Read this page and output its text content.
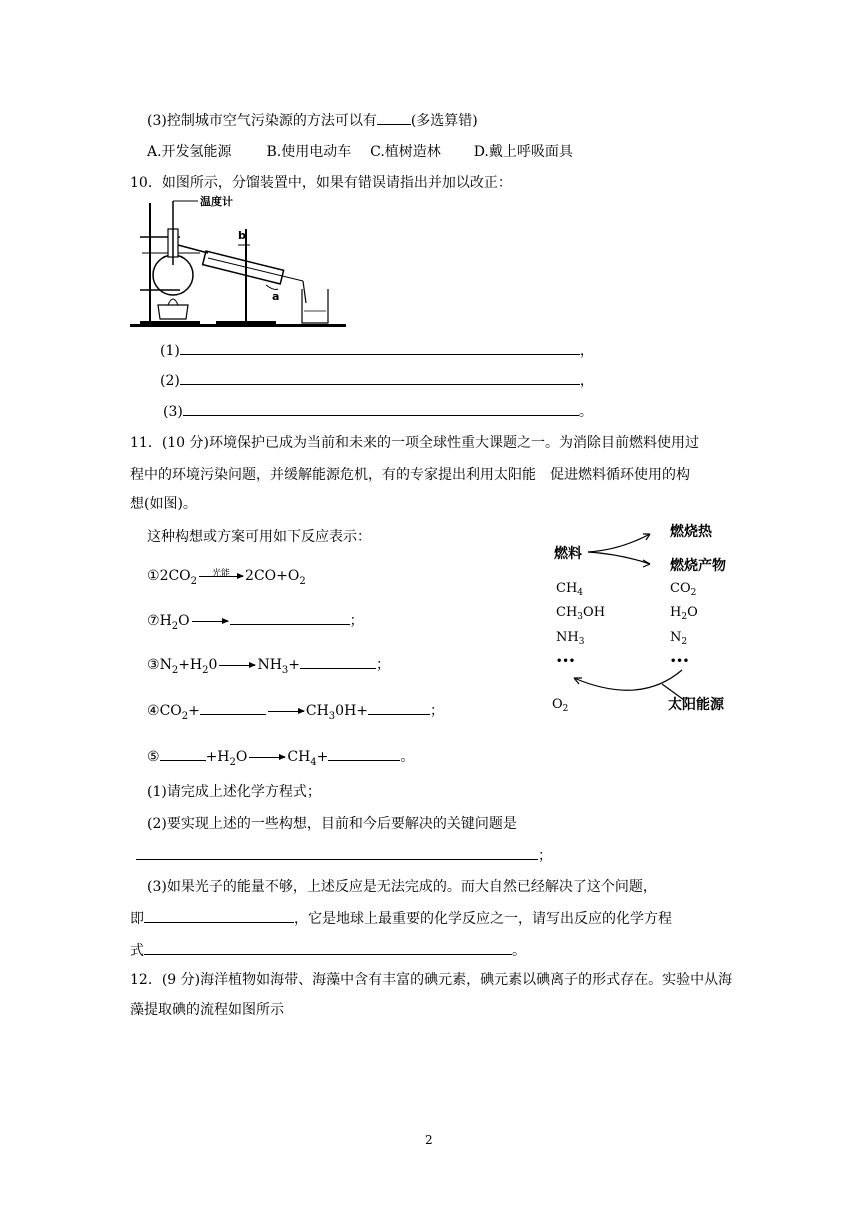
(3)控制城市空气污染源的方法可以有 (多选算错)
A.开发氢能源 B.使用电动车 C.植树造林 D.戴上呼吸面具
10．如图所示，分馏装置中，如果有错误请指出并加以改正：
温度计
b
a
(1)	，
(2)	，
(3)	。
11．(10 分)环境保护已成为当前和未来的一项全球性重大课题之一。为消除目前燃料使用过
程中的环境污染问题，并缓解能源危机，有的专家提出利用太阳能　促进燃料循环使用的构
想(如图)。
这种构想或方案可用如下反应表示：
$①2CO_2$
光能	$2CO+O_2$
$⑦H_2O$ →	；
$③N_2+H_20 \to NH_3+$	；
$④CO_2+$	→ $CH_30H+$	；
⑤	$+H_2O \to CH_4+$	。
燃料
燃烧热
燃烧产物
$CH_4$
$CH_3OH$
$NH_3$
•••
$CO_2$
$H_2O$
$N_2$
•••
$O_2$	太阳能源
(1)请完成上述化学方程式；
(2)要实现上述的一些构想，目前和今后要解决的关键问题是
；
(3)如果光子的能量不够，上述反应是无法完成的。而大自然已经解决了这个问题，
即	，它是地球上最重要的化学反应之一，请写出反应的化学方程
式	。
12．(9 分)海洋植物如海带、海藻中含有丰富的碘元素，碘元素以碘离子的形式存在。实验中从海
藻提取碘的流程如图所示
2
